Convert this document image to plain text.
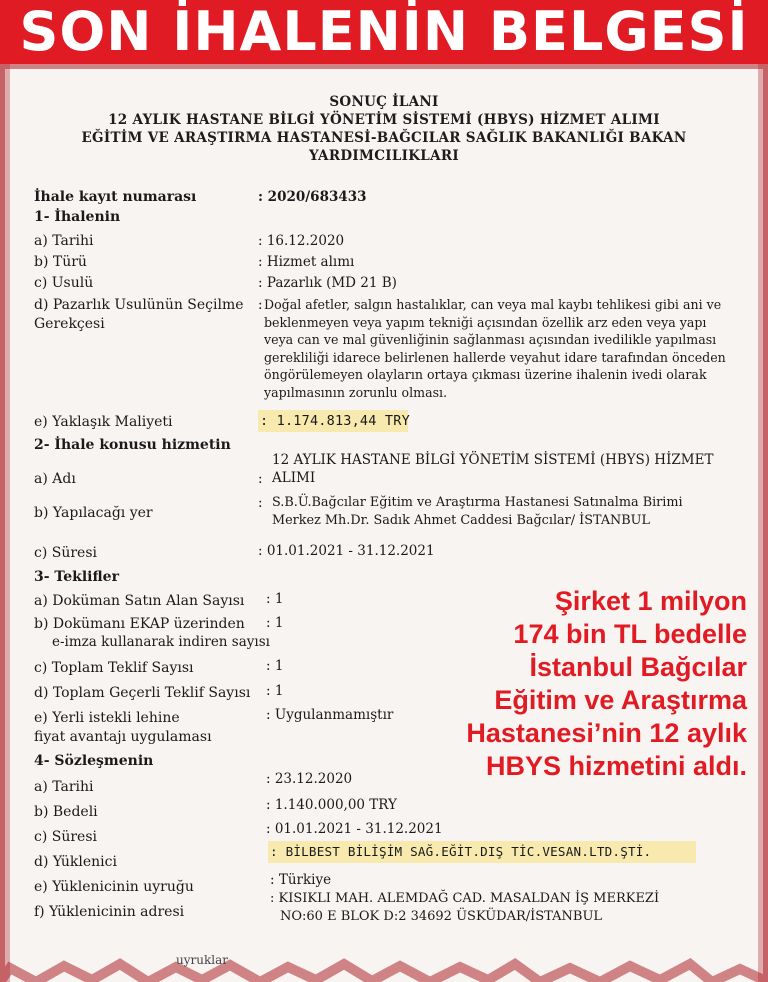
SON İHALENİN BELGESİ
SONUÇ İLANI
12 AYLIK HASTANE BİLGİ YÖNETİM SİSTEMİ (HBYS) HİZMET ALIMI
EĞİTİM VE ARAŞTIRMA HASTANESİ-BAĞCILAR SAĞLIK BAKANLIĞI BAKAN
YARDIMCILIKLARI
İhale kayıt numarası	: 2020/683433
1- İhalenin
a) Tarihi	: 16.12.2020
b) Türü	: Hizmet alımı
c) Usulü	: Pazarlık (MD 21 B)
d) Pazarlık Usulünün Seçilme
Gerekçesi
: Doğal afetler, salgın hastalıklar, can veya mal kaybı tehlikesi gibi ani ve beklenmeyen veya yapım tekniği açısından özellik arz eden veya yapı veya can ve mal güvenliğinin sağlanması açısından ivedilikle yapılması gerekliliği idarece belirlenen hallerde veyahut idare tarafından önceden öngörülemeyen olayların ortaya çıkması üzerine ihalenin ivedi olarak yapılmasının zorunlu olması.
e) Yaklaşık Maliyeti	: 1.174.813,44 TRY
2- İhale konusu hizmetin
a) Adı	:
12 AYLIK HASTANE BİLGİ YÖNETİM SİSTEMİ (HBYS) HİZMET
ALIMI
b) Yapılacağı yer
: S.B.Ü.Bağcılar Eğitim ve Araştırma Hastanesi Satınalma Birimi
Merkez Mh.Dr. Sadık Ahmet Caddesi Bağcılar/ İSTANBUL
c) Süresi	: 01.01.2021 - 31.12.2021
3- Teklifler
a) Doküman Satın Alan Sayısı : 1
b) Dokümanı EKAP üzerinden
e-imza kullanarak indiren sayısı
: 1
c) Toplam Teklif Sayısı	: 1
d) Toplam Geçerli Teklif Sayısı : 1
e) Yerli istekli lehine
fiyat avantajı uygulaması
: Uygulanmamıştır
4- Sözleşmenin
a) Tarihi	: 23.12.2020
b) Bedeli	: 1.140.000,00 TRY
c) Süresi	: 01.01.2021 - 31.12.2021
d) Yüklenici
: BİLBEST BİLİŞİM SAĞ.EĞİT.DIŞ TİC.VESAN.LTD.ŞTİ.
e) Yüklenicinin uyruğu	: Türkiye
f) Yüklenicinin adresi
: KISIKLI MAH. ALEMDAĞ CAD. MASALDAN İŞ MERKEZİ
NO:60 E BLOK D:2 34692 ÜSKÜDAR/İSTANBUL
uyruklar
Şirket 1 milyon
174 bin TL bedelle
İstanbul Bağcılar
Eğitim ve Araştırma
Hastanesi’nin 12 aylık
HBYS hizmetini aldı.
